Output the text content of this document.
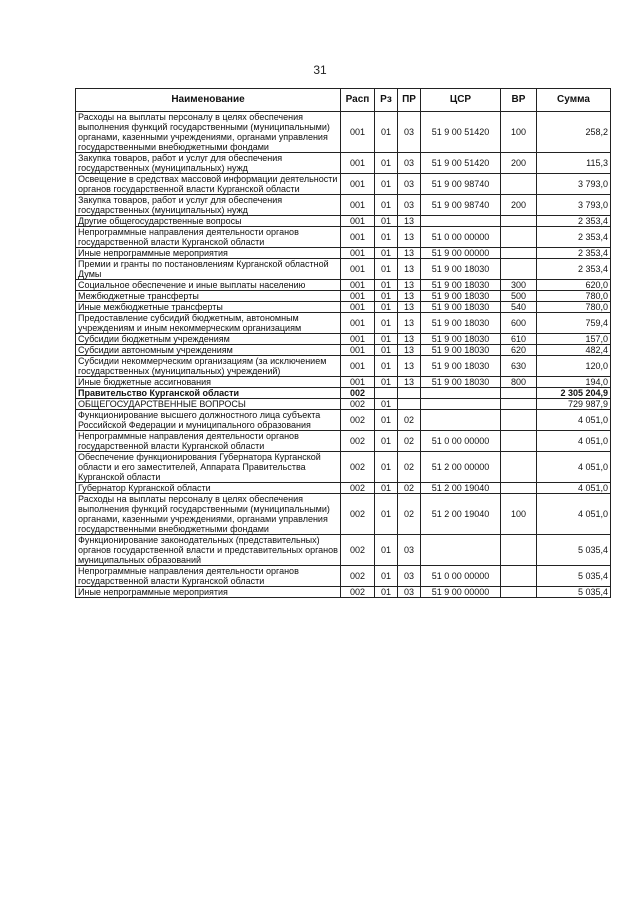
31
Наименование	Расп	Рз	ПР	ЦСР	ВР	Сумма
Расходы на выплаты персоналу в целях обеспечения выполнения функций государственными (муниципальными) органами, казенными учреждениями, органами управления государственными внебюджетными фондами	001	01	03	51 9 00 51420	100	258,2
Закупка товаров, работ и услуг для обеспечения государственных (муниципальных) нужд	001	01	03	51 9 00 51420	200	115,3
Освещение в средствах массовой информации деятельности органов государственной власти Курганской области	001	01	03	51 9 00 98740		3 793,0
Закупка товаров, работ и услуг для обеспечения государственных (муниципальных) нужд	001	01	03	51 9 00 98740	200	3 793,0
Другие общегосударственные вопросы	001	01	13			2 353,4
Непрограммные направления деятельности органов государственной власти Курганской области	001	01	13	51 0 00 00000		2 353,4
Иные непрограммные мероприятия	001	01	13	51 9 00 00000		2 353,4
Премии и гранты по постановлениям Курганской областной Думы	001	01	13	51 9 00 18030		2 353,4
Социальное обеспечение и иные выплаты населению	001	01	13	51 9 00 18030	300	620,0
Межбюджетные трансферты	001	01	13	51 9 00 18030	500	780,0
Иные межбюджетные трансферты	001	01	13	51 9 00 18030	540	780,0
Предоставление субсидий бюджетным, автономным учреждениям и иным некоммерческим организациям	001	01	13	51 9 00 18030	600	759,4
Субсидии бюджетным учреждениям	001	01	13	51 9 00 18030	610	157,0
Субсидии автономным учреждениям	001	01	13	51 9 00 18030	620	482,4
Субсидии некоммерческим организациям (за исключением государственных (муниципальных) учреждений)	001	01	13	51 9 00 18030	630	120,0
Иные бюджетные ассигнования	001	01	13	51 9 00 18030	800	194,0
Правительство Курганской области	002					2 305 204,9
ОБЩЕГОСУДАРСТВЕННЫЕ ВОПРОСЫ	002	01				729 987,9
Функционирование высшего должностного лица субъекта Российской Федерации и муниципального образования	002	01	02			4 051,0
Непрограммные направления деятельности органов государственной власти Курганской области	002	01	02	51 0 00 00000		4 051,0
Обеспечение функционирования Губернатора Курганской области и его заместителей, Аппарата Правительства Курганской области	002	01	02	51 2 00 00000		4 051,0
Губернатор Курганской области	002	01	02	51 2 00 19040		4 051,0
Расходы на выплаты персоналу в целях обеспечения выполнения функций государственными (муниципальными) органами, казенными учреждениями, органами управления государственными внебюджетными фондами	002	01	02	51 2 00 19040	100	4 051,0
Функционирование законодательных (представительных) органов государственной власти и представительных органов муниципальных образований	002	01	03			5 035,4
Непрограммные направления деятельности органов государственной власти Курганской области	002	01	03	51 0 00 00000		5 035,4
Иные непрограммные мероприятия	002	01	03	51 9 00 00000		5 035,4
